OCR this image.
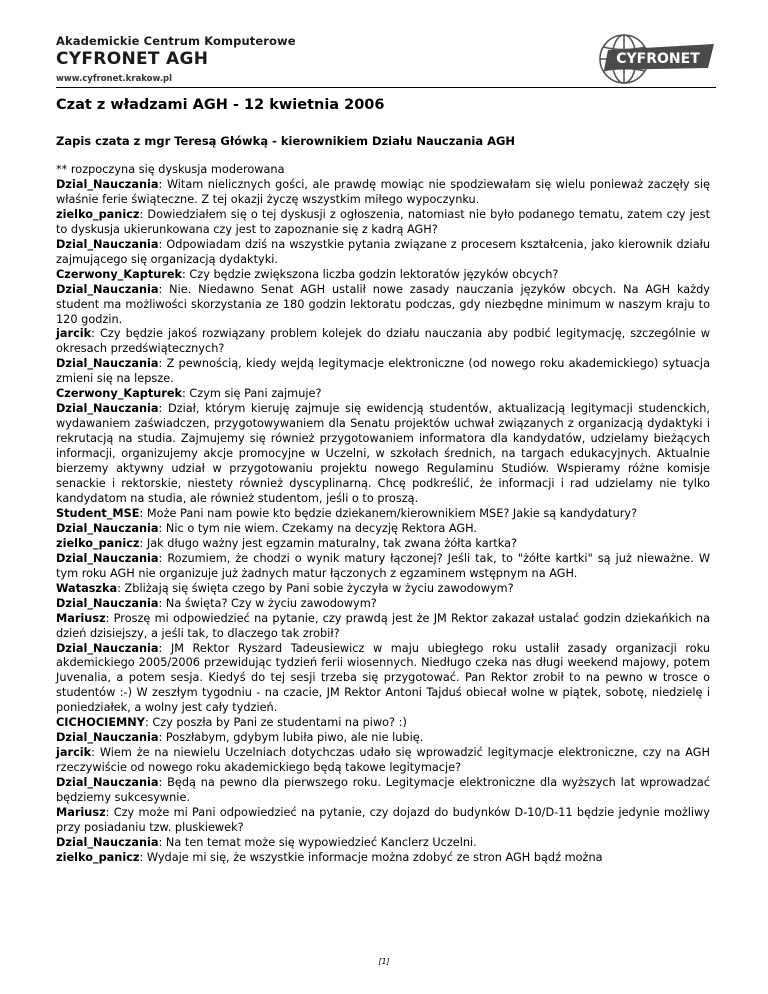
Akademickie Centrum Komputerowe
CYFRONET AGH
www.cyfronet.krakow.pl
CYFRONET
Czat z władzami AGH - 12 kwietnia 2006
Zapis czata z mgr Teresą Główką - kierownikiem Działu Nauczania AGH

** rozpoczyna się dyskusja moderowana

Dzial_Nauczania: Witam nielicznych gości, ale prawdę mowiąc nie spodziewałam się wielu ponieważ zaczęły się właśnie ferie świąteczne. Z tej okazji życzę wszystkim miłego wypoczynku.

zielko_panicz: Dowiedziałem się o tej dyskusji z ogłoszenia, natomiast nie było podanego tematu, zatem czy jest to dyskusja ukierunkowana czy jest to zapoznanie się z kadrą AGH?

Dzial_Nauczania: Odpowiadam dziś na wszystkie pytania związane z procesem kształcenia, jako kierownik działu zajmującego się organizacją dydaktyki.

Czerwony_Kapturek: Czy będzie zwiększona liczba godzin lektoratów języków obcych?

Dzial_Nauczania: Nie. Niedawno Senat AGH ustalił nowe zasady nauczania języków obcych. Na AGH każdy student ma możliwości skorzystania ze 180 godzin lektoratu podczas, gdy niezbędne minimum w naszym kraju to 120 godzin.

jarcik: Czy będzie jakoś rozwiązany problem kolejek do działu nauczania aby podbić legitymację, szczególnie w okresach przedświątecznych?

Dzial_Nauczania: Z pewnością, kiedy wejdą legitymacje elektroniczne (od nowego roku akademickiego) sytuacja zmieni się na lepsze.

Czerwony_Kapturek: Czym się Pani zajmuje?

Dzial_Nauczania: Dział, którym kieruję zajmuje się ewidencją studentów, aktualizacją legitymacji studenckich, wydawaniem zaświadczen, przygotowywaniem dla Senatu projektów uchwał związanych z organizacją dydaktyki i rekrutacją na studia. Zajmujemy się również przygotowaniem informatora dla kandydatów, udzielamy bieżących informacji, organizujemy akcje promocyjne w Uczelni, w szkołach średnich, na targach edukacyjnych. Aktualnie bierzemy aktywny udział w przygotowaniu projektu nowego Regulaminu Studiów. Wspieramy różne komisje senackie i rektorskie, niestety również dyscyplinarną. Chcę podkreślić, że informacji i rad udzielamy nie tylko kandydatom na studia, ale również studentom, jeśli o to proszą.

Student_MSE: Może Pani nam powie kto będzie dziekanem/kierownikiem MSE? Jakie są kandydatury?

Dzial_Nauczania: Nic o tym nie wiem. Czekamy na decyzję Rektora AGH.

zielko_panicz: Jak długo ważny jest egzamin maturalny, tak zwana żółta kartka?

Dzial_Nauczania: Rozumiem, że chodzi o wynik matury łączonej? Jeśli tak, to "żółte kartki" są już nieważne. W tym roku AGH nie organizuje już żadnych matur łączonych z egzaminem wstępnym na AGH.

Wataszka: Zbliżają się święta czego by Pani sobie życzyła w życiu zawodowym?

Dzial_Nauczania: Na święta? Czy w życiu zawodowym?

Mariusz: Proszę mi odpowiedzieć na pytanie, czy prawdą jest że JM Rektor zakazał ustalać godzin dziekańkich na dzień dzisiejszy, a jeśli tak, to dlaczego tak zrobił?

Dzial_Nauczania: JM Rektor Ryszard Tadeusiewicz w maju ubiegłego roku ustalił zasady organizacji roku akdemickiego 2005/2006 przewidując tydzień ferii wiosennych. Niedługo czeka nas długi weekend majowy, potem Juvenalia, a potem sesja. Kiedyś do tej sesji trzeba się przygotować. Pan Rektor zrobił to na pewno w trosce o studentów :-) W zeszłym tygodniu - na czacie, JM Rektor Antoni Tajduś obiecał wolne w piątek, sobotę, niedzielę i poniedziałek, a wolny jest cały tydzień.

CICHOCIEMNY: Czy poszła by Pani ze studentami na piwo? :)

Dzial_Nauczania: Poszłabym, gdybym lubiła piwo, ale nie lubię.

jarcik: Wiem że na niewielu Uczelniach dotychczas udało się wprowadzić legitymacje elektroniczne, czy na AGH rzeczywiście od nowego roku akademickiego będą takowe legitymacje?

Dzial_Nauczania: Będą na pewno dla pierwszego roku. Legitymacje elektroniczne dla wyższych lat wprowadzać będziemy sukcesywnie.

Mariusz: Czy może mi Pani odpowiedzieć na pytanie, czy dojazd do budynków D-10/D-11 będzie jedynie możliwy przy posiadaniu tzw. pluskiewek?

Dzial_Nauczania: Na ten temat może się wypowiedzieć Kanclerz Uczelni.

zielko_panicz: Wydaje mi się, że wszystkie informacje można zdobyć ze stron AGH bądź można

[1]
